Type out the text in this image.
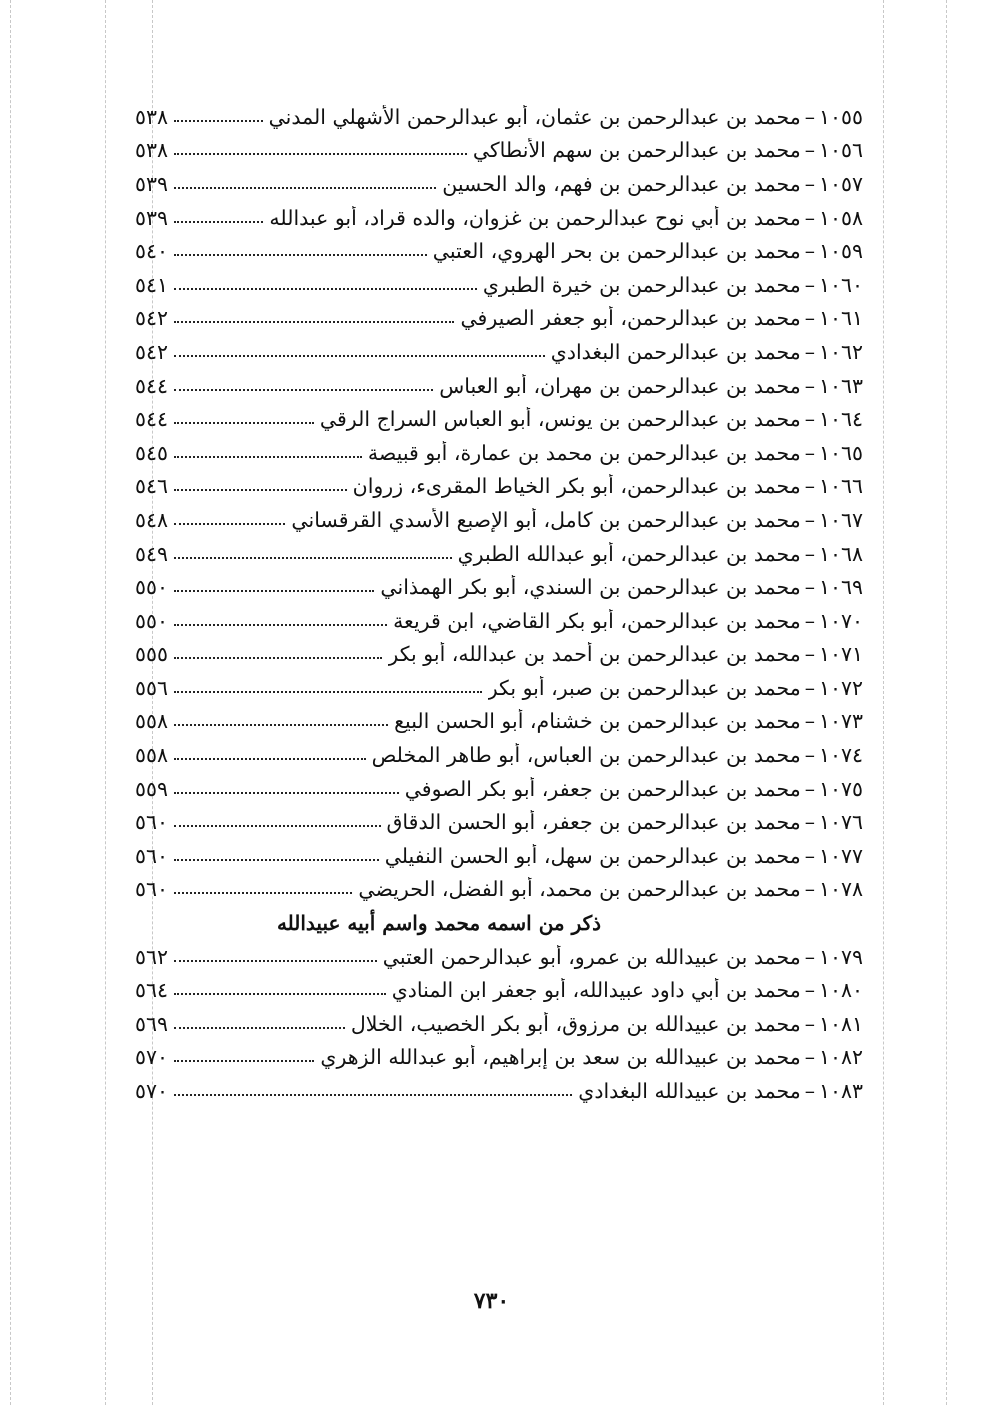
٥٣٨	محمد بن عبدالرحمن بن عثمان، أبو عبدالرحمن الأشهلي المدني – ١٠٥٥
٥٣٨	محمد بن عبدالرحمن بن سهم الأنطاكي – ١٠٥٦
٥٣٩	محمد بن عبدالرحمن بن فهم، والد الحسين – ١٠٥٧
٥٣٩	محمد بن أبي نوح عبدالرحمن بن غزوان، والده قراد، أبو عبدالله – ١٠٥٨
٥٤٠	محمد بن عبدالرحمن بن بحر الهروي، العتبي – ١٠٥٩
٥٤١	محمد بن عبدالرحمن بن خيرة الطبري – ١٠٦٠
٥٤٢	محمد بن عبدالرحمن، أبو جعفر الصيرفي – ١٠٦١
٥٤٢	محمد بن عبدالرحمن البغدادي – ١٠٦٢
٥٤٤	محمد بن عبدالرحمن بن مهران، أبو العباس – ١٠٦٣
٥٤٤	محمد بن عبدالرحمن بن يونس، أبو العباس السراج الرقي – ١٠٦٤
٥٤٥	محمد بن عبدالرحمن بن محمد بن عمارة، أبو قبيصة – ١٠٦٥
٥٤٦	محمد بن عبدالرحمن، أبو بكر الخياط المقرىء، زروان – ١٠٦٦
٥٤٨	محمد بن عبدالرحمن بن كامل، أبو الإصبع الأسدي القرقساني – ١٠٦٧
٥٤٩	محمد بن عبدالرحمن، أبو عبدالله الطبري – ١٠٦٨
٥٥٠	محمد بن عبدالرحمن بن السندي، أبو بكر الهمذاني – ١٠٦٩
٥٥٠	محمد بن عبدالرحمن، أبو بكر القاضي، ابن قريعة – ١٠٧٠
٥٥٥	محمد بن عبدالرحمن بن أحمد بن عبدالله، أبو بكر – ١٠٧١
٥٥٦	محمد بن عبدالرحمن بن صبر، أبو بكر – ١٠٧٢
٥٥٨	محمد بن عبدالرحمن بن خشنام، أبو الحسن البيع – ١٠٧٣
٥٥٨	محمد بن عبدالرحمن بن العباس، أبو طاهر المخلص – ١٠٧٤
٥٥٩	محمد بن عبدالرحمن بن جعفر، أبو بكر الصوفي – ١٠٧٥
٥٦٠	محمد بن عبدالرحمن بن جعفر، أبو الحسن الدقاق – ١٠٧٦
٥٦٠	محمد بن عبدالرحمن بن سهل، أبو الحسن النفيلي – ١٠٧٧
٥٦٠	محمد بن عبدالرحمن بن محمد، أبو الفضل، الحريضي – ١٠٧٨
ذكر من اسمه محمد واسم أبيه عبيدالله
٥٦٢	محمد بن عبيدالله بن عمرو، أبو عبدالرحمن العتبي – ١٠٧٩
٥٦٤	محمد بن أبي داود عبيدالله، أبو جعفر ابن المنادي – ١٠٨٠
٥٦٩	محمد بن عبيدالله بن مرزوق، أبو بكر الخصيب، الخلال – ١٠٨١
٥٧٠	محمد بن عبيدالله بن سعد بن إبراهيم، أبو عبدالله الزهري – ١٠٨٢
٥٧٠	محمد بن عبيدالله البغدادي – ١٠٨٣
٧٣٠
